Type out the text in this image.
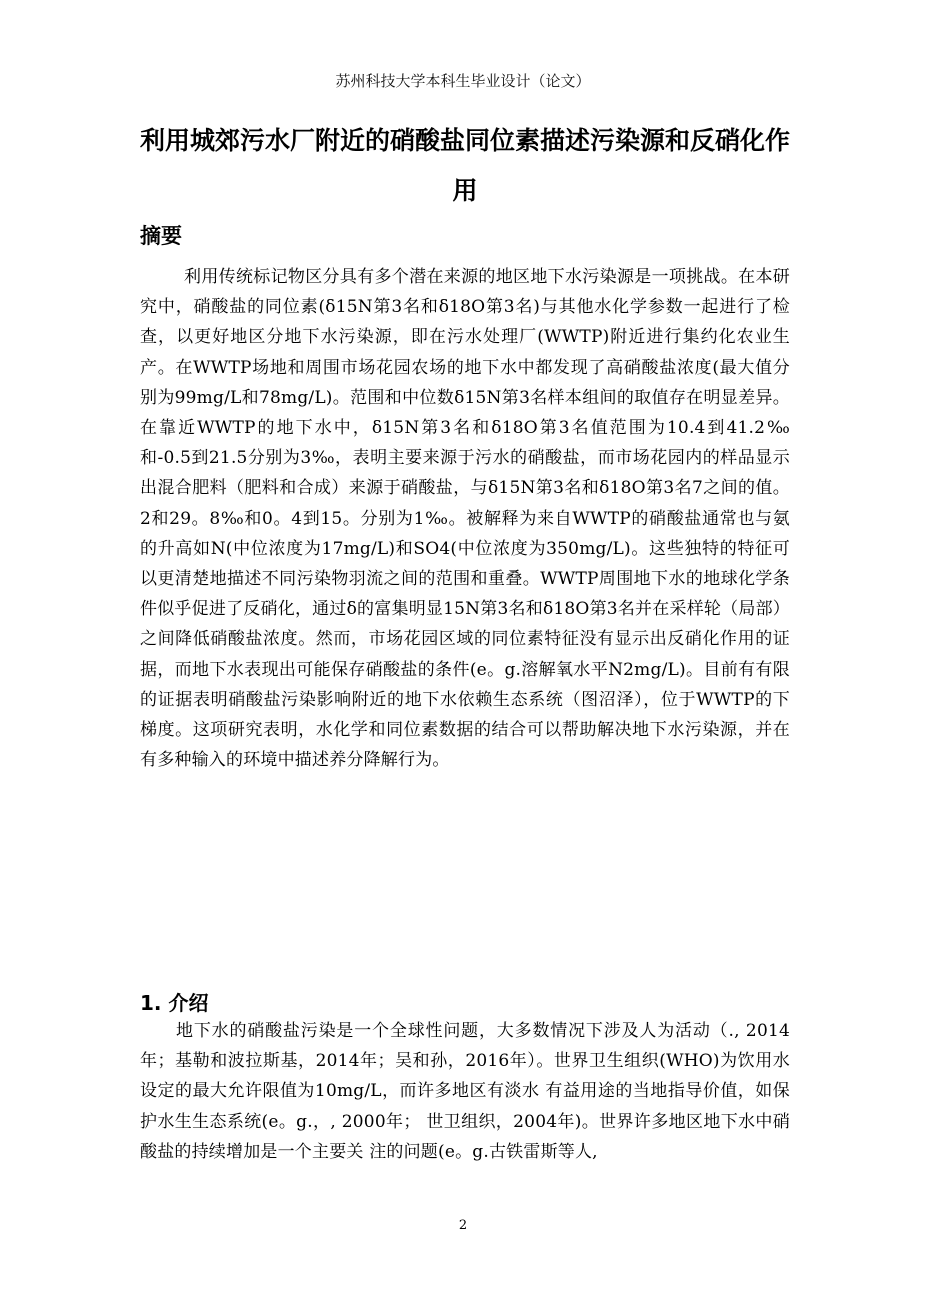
苏州科技大学本科生毕业设计（论文）
利用城郊污水厂附近的硝酸盐同位素描述污染源和反硝化作用
摘要
利用传统标记物区分具有多个潜在来源的地区地下水污染源是一项挑战。在本研究中，硝酸盐的同位素(δ15N第3名和δ18O第3名)与其他水化学参数一起进行了检查，以更好地区分地下水污染源，即在污水处理厂(WWTP)附近进行集约化农业生产。在WWTP场地和周围市场花园农场的地下水中都发现了高硝酸盐浓度(最大值分别为99mg/L和78mg/L)。范围和中位数δ15N第3名样本组间的取值存在明显差异。在靠近WWTP的地下水中，δ15N第3名和δ18O第3名值范围为10.4到41.2‰和-0.5到21.5分别为3‰，表明主要来源于污水的硝酸盐，而市场花园内的样品显示出混合肥料（肥料和合成）来源于硝酸盐，与δ15N第3名和δ18O第3名7之间的值。2和29。8‰和0。4到15。分别为1‰。被解释为来自WWTP的硝酸盐通常也与氨的升高如N(中位浓度为17mg/L)和SO4(中位浓度为350mg/L)。这些独特的特征可以更清楚地描述不同污染物羽流之间的范围和重叠。WWTP周围地下水的地球化学条件似乎促进了反硝化，通过δ的富集明显15N第3名和δ18O第3名并在采样轮（局部）之间降低硝酸盐浓度。然而，市场花园区域的同位素特征没有显示出反硝化作用的证据，而地下水表现出可能保存硝酸盐的条件(e。g.溶解氧水平N2mg/L)。目前有有限的证据表明硝酸盐污染影响附近的地下水依赖生态系统（图沼泽），位于WWTP的下梯度。这项研究表明，水化学和同位素数据的结合可以帮助解决地下水污染源，并在有多种输入的环境中描述养分降解行为。
1. 介绍
地下水的硝酸盐污染是一个全球性问题，大多数情况下涉及人为活动（., 2014年；基勒和波拉斯基，2014年；吴和孙，2016年）。世界卫生组织(WHO)为饮用水设定的最大允许限值为10mg/L，而许多地区有淡水 有益用途的当地指导价值，如保护水生生态系统(e。g.，, 2000年； 世卫组织，2004年)。世界许多地区地下水中硝酸盐的持续增加是一个主要关 注的问题(e。g.古铁雷斯等人,
2
